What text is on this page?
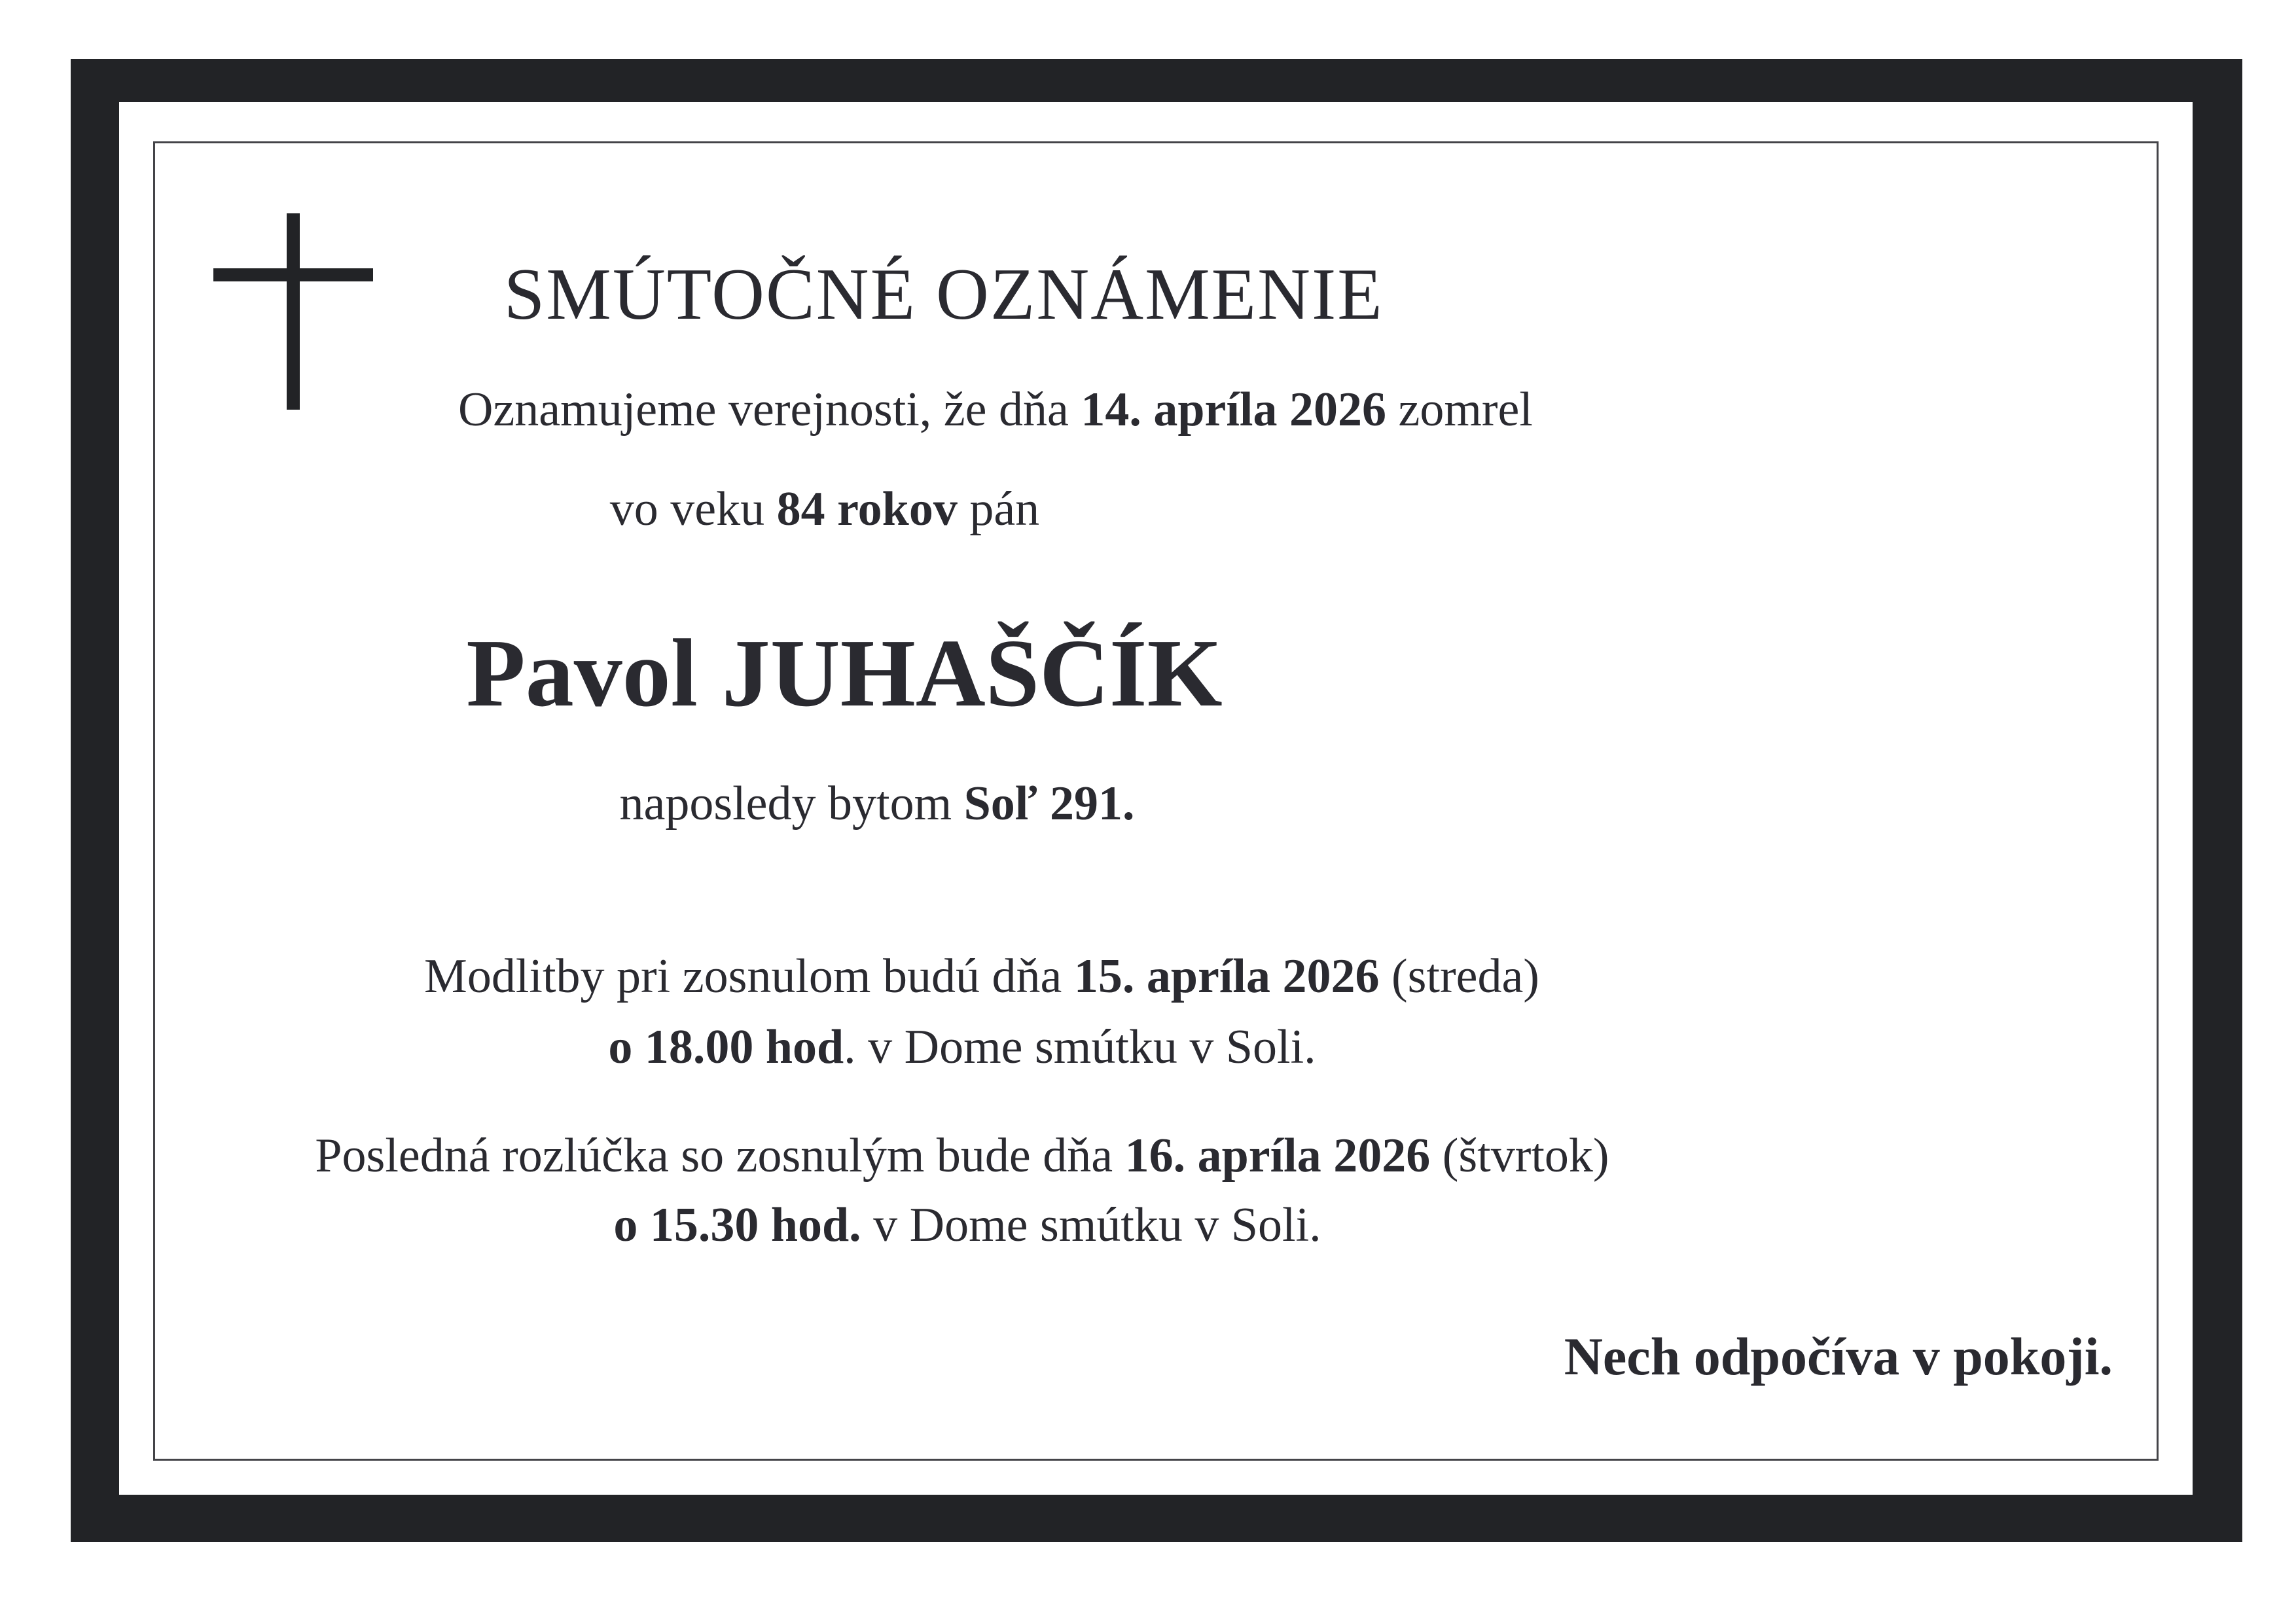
SMÚTOČNÉ OZNÁMENIE
Oznamujeme verejnosti, že dňa 14. apríla 2026 zomrel
vo veku 84 rokov pán
Pavol JUHAŠČÍK
naposledy bytom Soľ 291.
Modlitby pri zosnulom budú dňa 15. apríla 2026 (streda)
o 18.00 hod. v Dome smútku v Soli.
Posledná rozlúčka so zosnulým bude dňa 16. apríla 2026 (štvrtok)
o 15.30 hod. v Dome smútku v Soli.
Nech odpočíva v pokoji.
